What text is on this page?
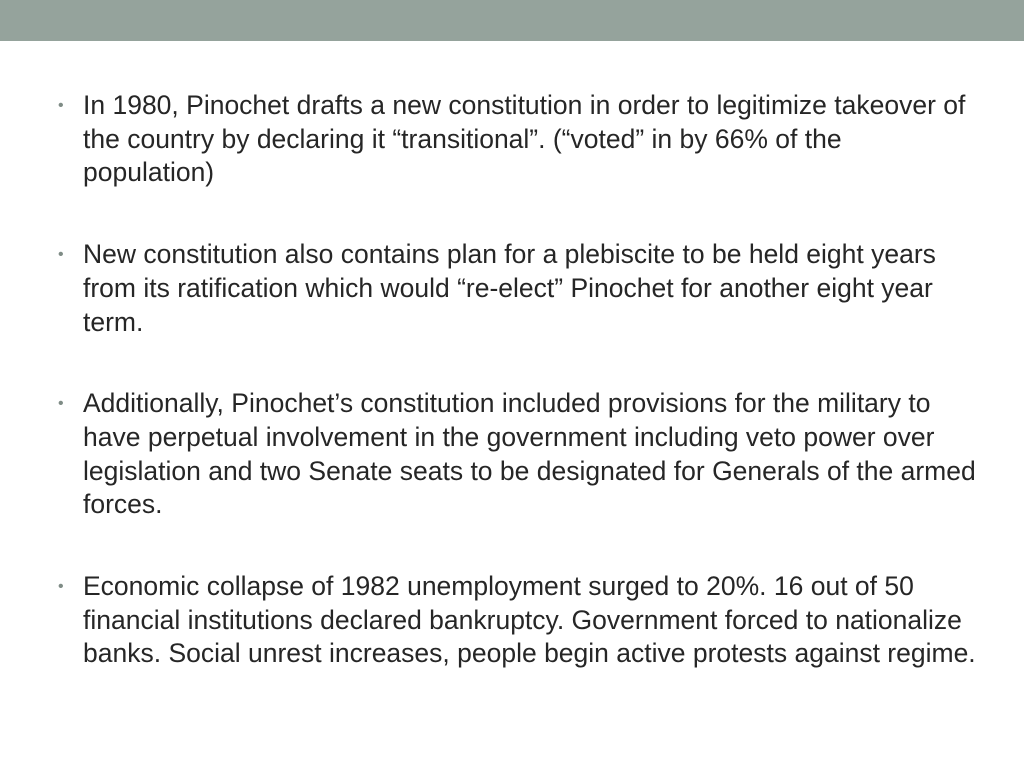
• In 1980, Pinochet drafts a new constitution in order to legitimize takeover of the country by declaring it “transitional”. (“voted” in by 66% of the population)
• New constitution also contains plan for a plebiscite to be held eight years from its ratification which would “re-elect” Pinochet for another eight year term.
• Additionally, Pinochet’s constitution included provisions for the military to have perpetual involvement in the government including veto power over legislation and two Senate seats to be designated for Generals of the armed forces.
• Economic collapse of 1982 unemployment surged to 20%. 16 out of 50 financial institutions declared bankruptcy. Government forced to nationalize banks. Social unrest increases, people begin active protests against regime.
